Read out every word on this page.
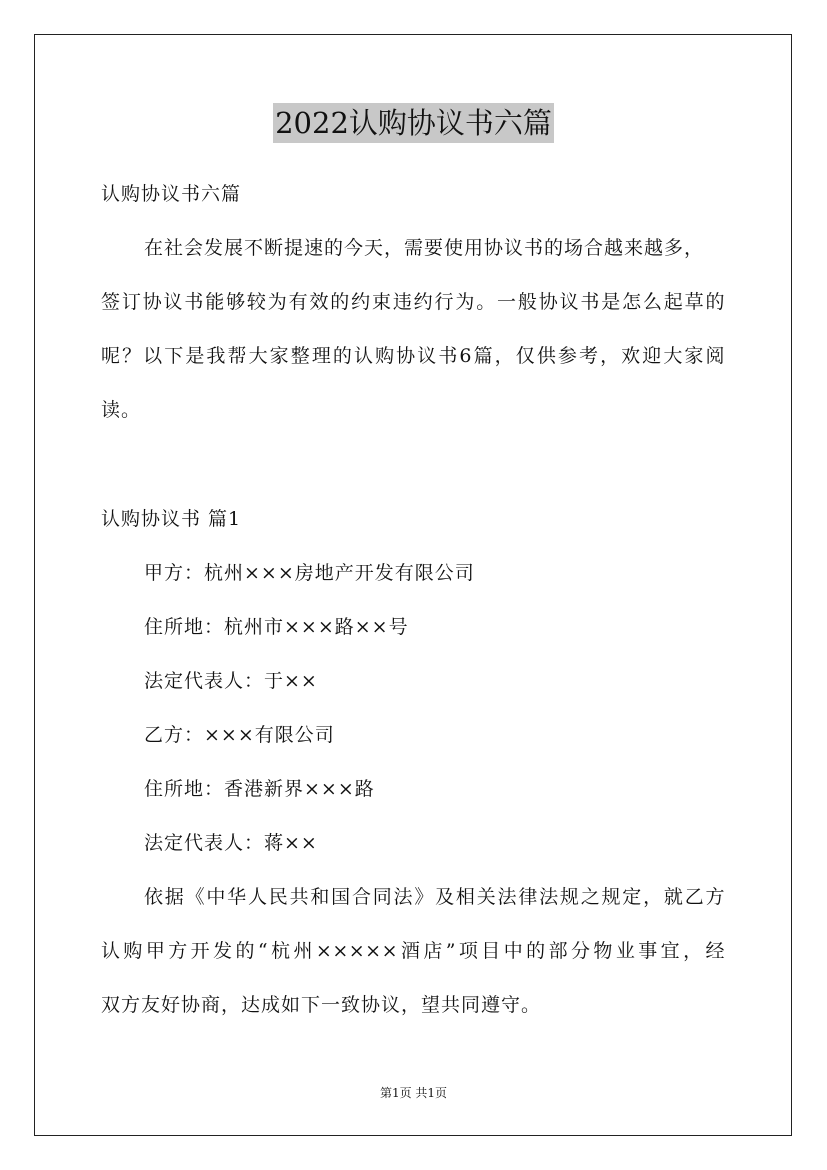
2022认购协议书六篇
认购协议书六篇
在社会发展不断提速的今天，需要使用协议书的场合越来越多，
签订协议书能够较为有效的约束违约行为。一般协议书是怎么起草的
呢？以下是我帮大家整理的认购协议书6篇，仅供参考，欢迎大家阅
读。
认购协议书 篇1
甲方：杭州×××房地产开发有限公司
住所地：杭州市×××路××号
法定代表人：于××
乙方：×××有限公司
住所地：香港新界×××路
法定代表人：蒋××
依据《中华人民共和国合同法》及相关法律法规之规定，就乙方
认购甲方开发的“杭州×××××酒店”项目中的部分物业事宜，经
双方友好协商，达成如下一致协议，望共同遵守。
第1页 共1页
